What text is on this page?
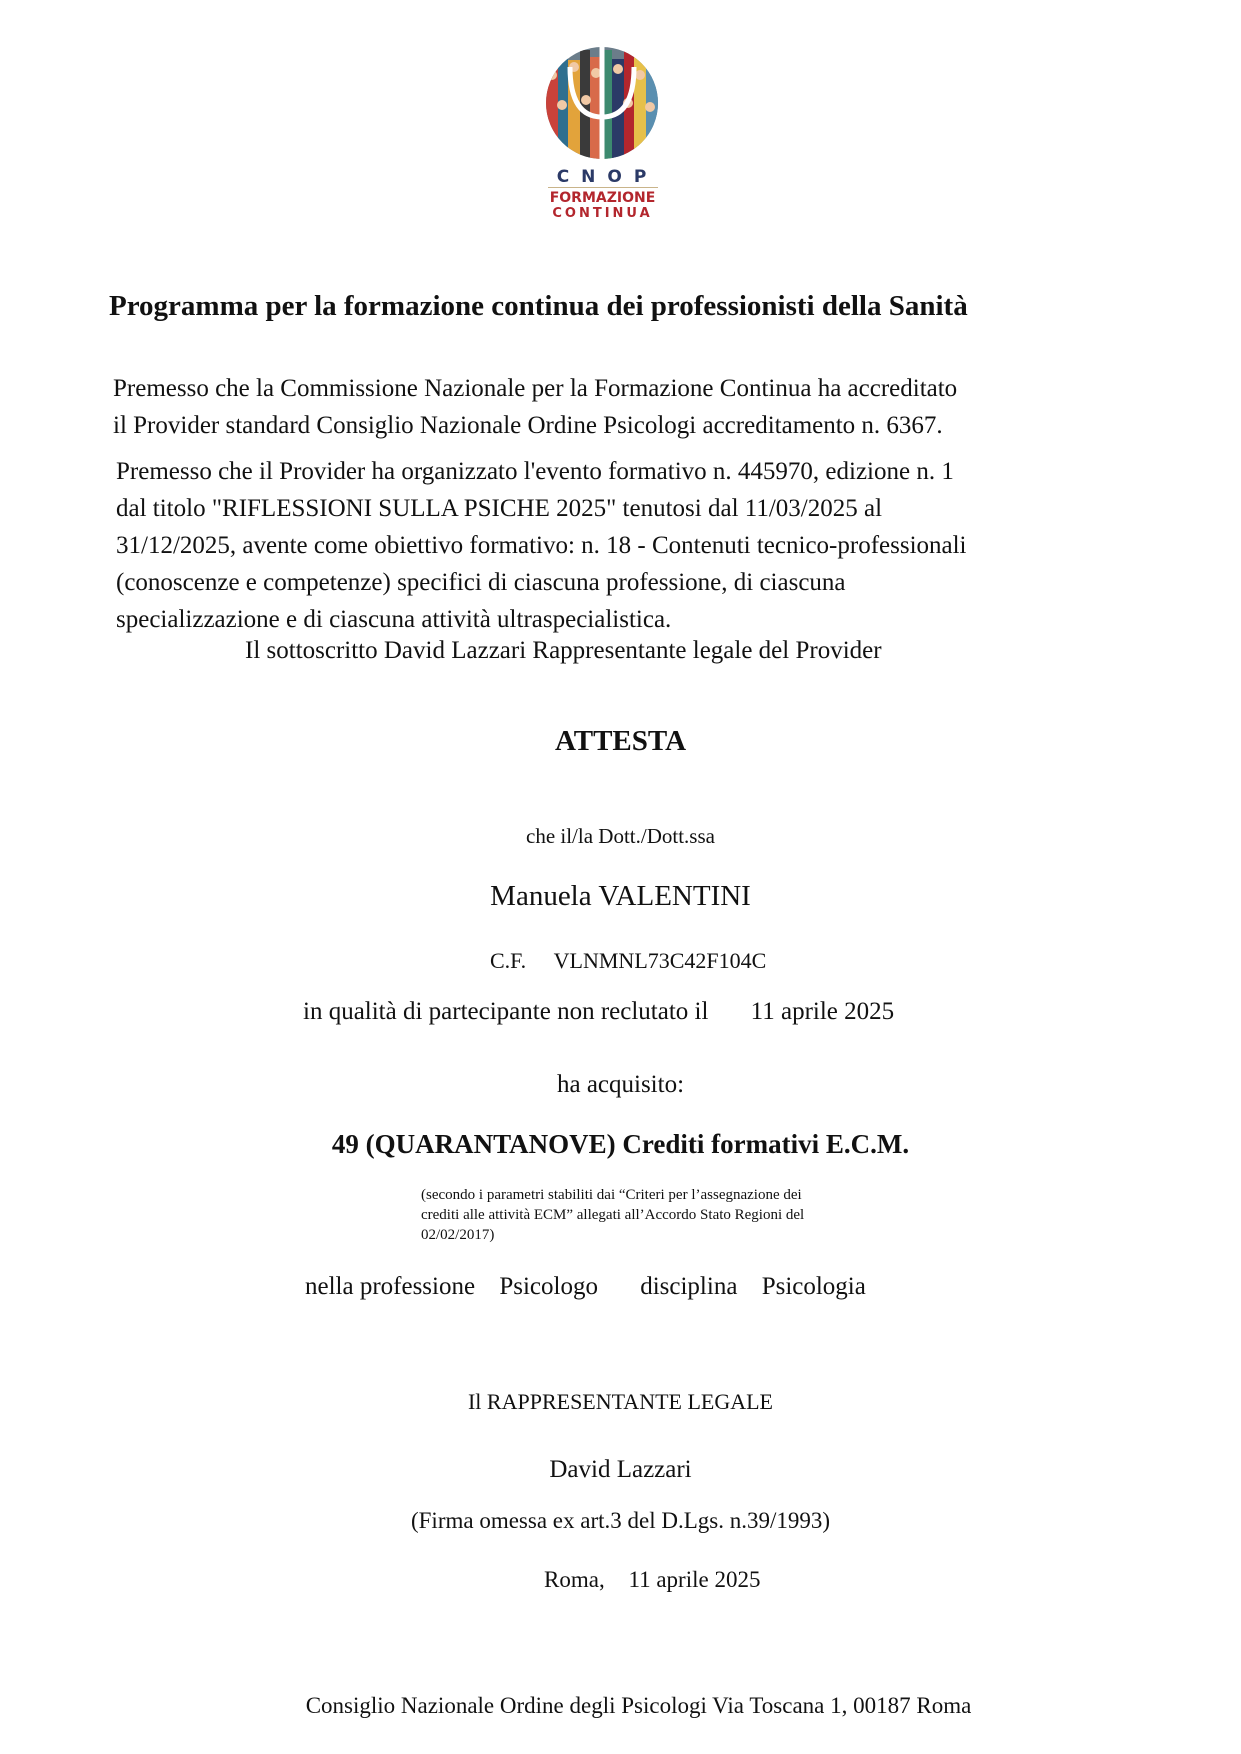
CNOP
FORMAZIONE
CONTINUA
Programma per la formazione continua dei professionisti della Sanità
Premesso che la Commissione Nazionale per la Formazione Continua ha accreditato
il Provider standard Consiglio Nazionale Ordine Psicologi accreditamento n. 6367.
Premesso che il Provider ha organizzato l'evento formativo n. 445970, edizione n. 1
dal titolo "RIFLESSIONI SULLA PSICHE 2025" tenutosi dal 11/03/2025 al
31/12/2025, avente come obiettivo formativo: n. 18 - Contenuti tecnico-professionali
(conoscenze e competenze) specifici di ciascuna professione, di ciascuna
specializzazione e di ciascuna attività ultraspecialistica.
Il sottoscritto David Lazzari Rappresentante legale del Provider
ATTESTA
che il/la Dott./Dott.ssa
Manuela VALENTINI
C.F. VLNMNL73C42F104C
in qualità di partecipante non reclutato il 11 aprile 2025
ha acquisito:
49 (QUARANTANOVE) Crediti formativi E.C.M.
(secondo i parametri stabiliti dai “Criteri per l’assegnazione dei
crediti alle attività ECM” allegati all’Accordo Stato Regioni del
02/02/2017)
nella professione Psicologo disciplina Psicologia
Il RAPPRESENTANTE LEGALE
David Lazzari
(Firma omessa ex art.3 del D.Lgs. n.39/1993)
Roma, 11 aprile 2025
Consiglio Nazionale Ordine degli Psicologi Via Toscana 1, 00187 Roma
